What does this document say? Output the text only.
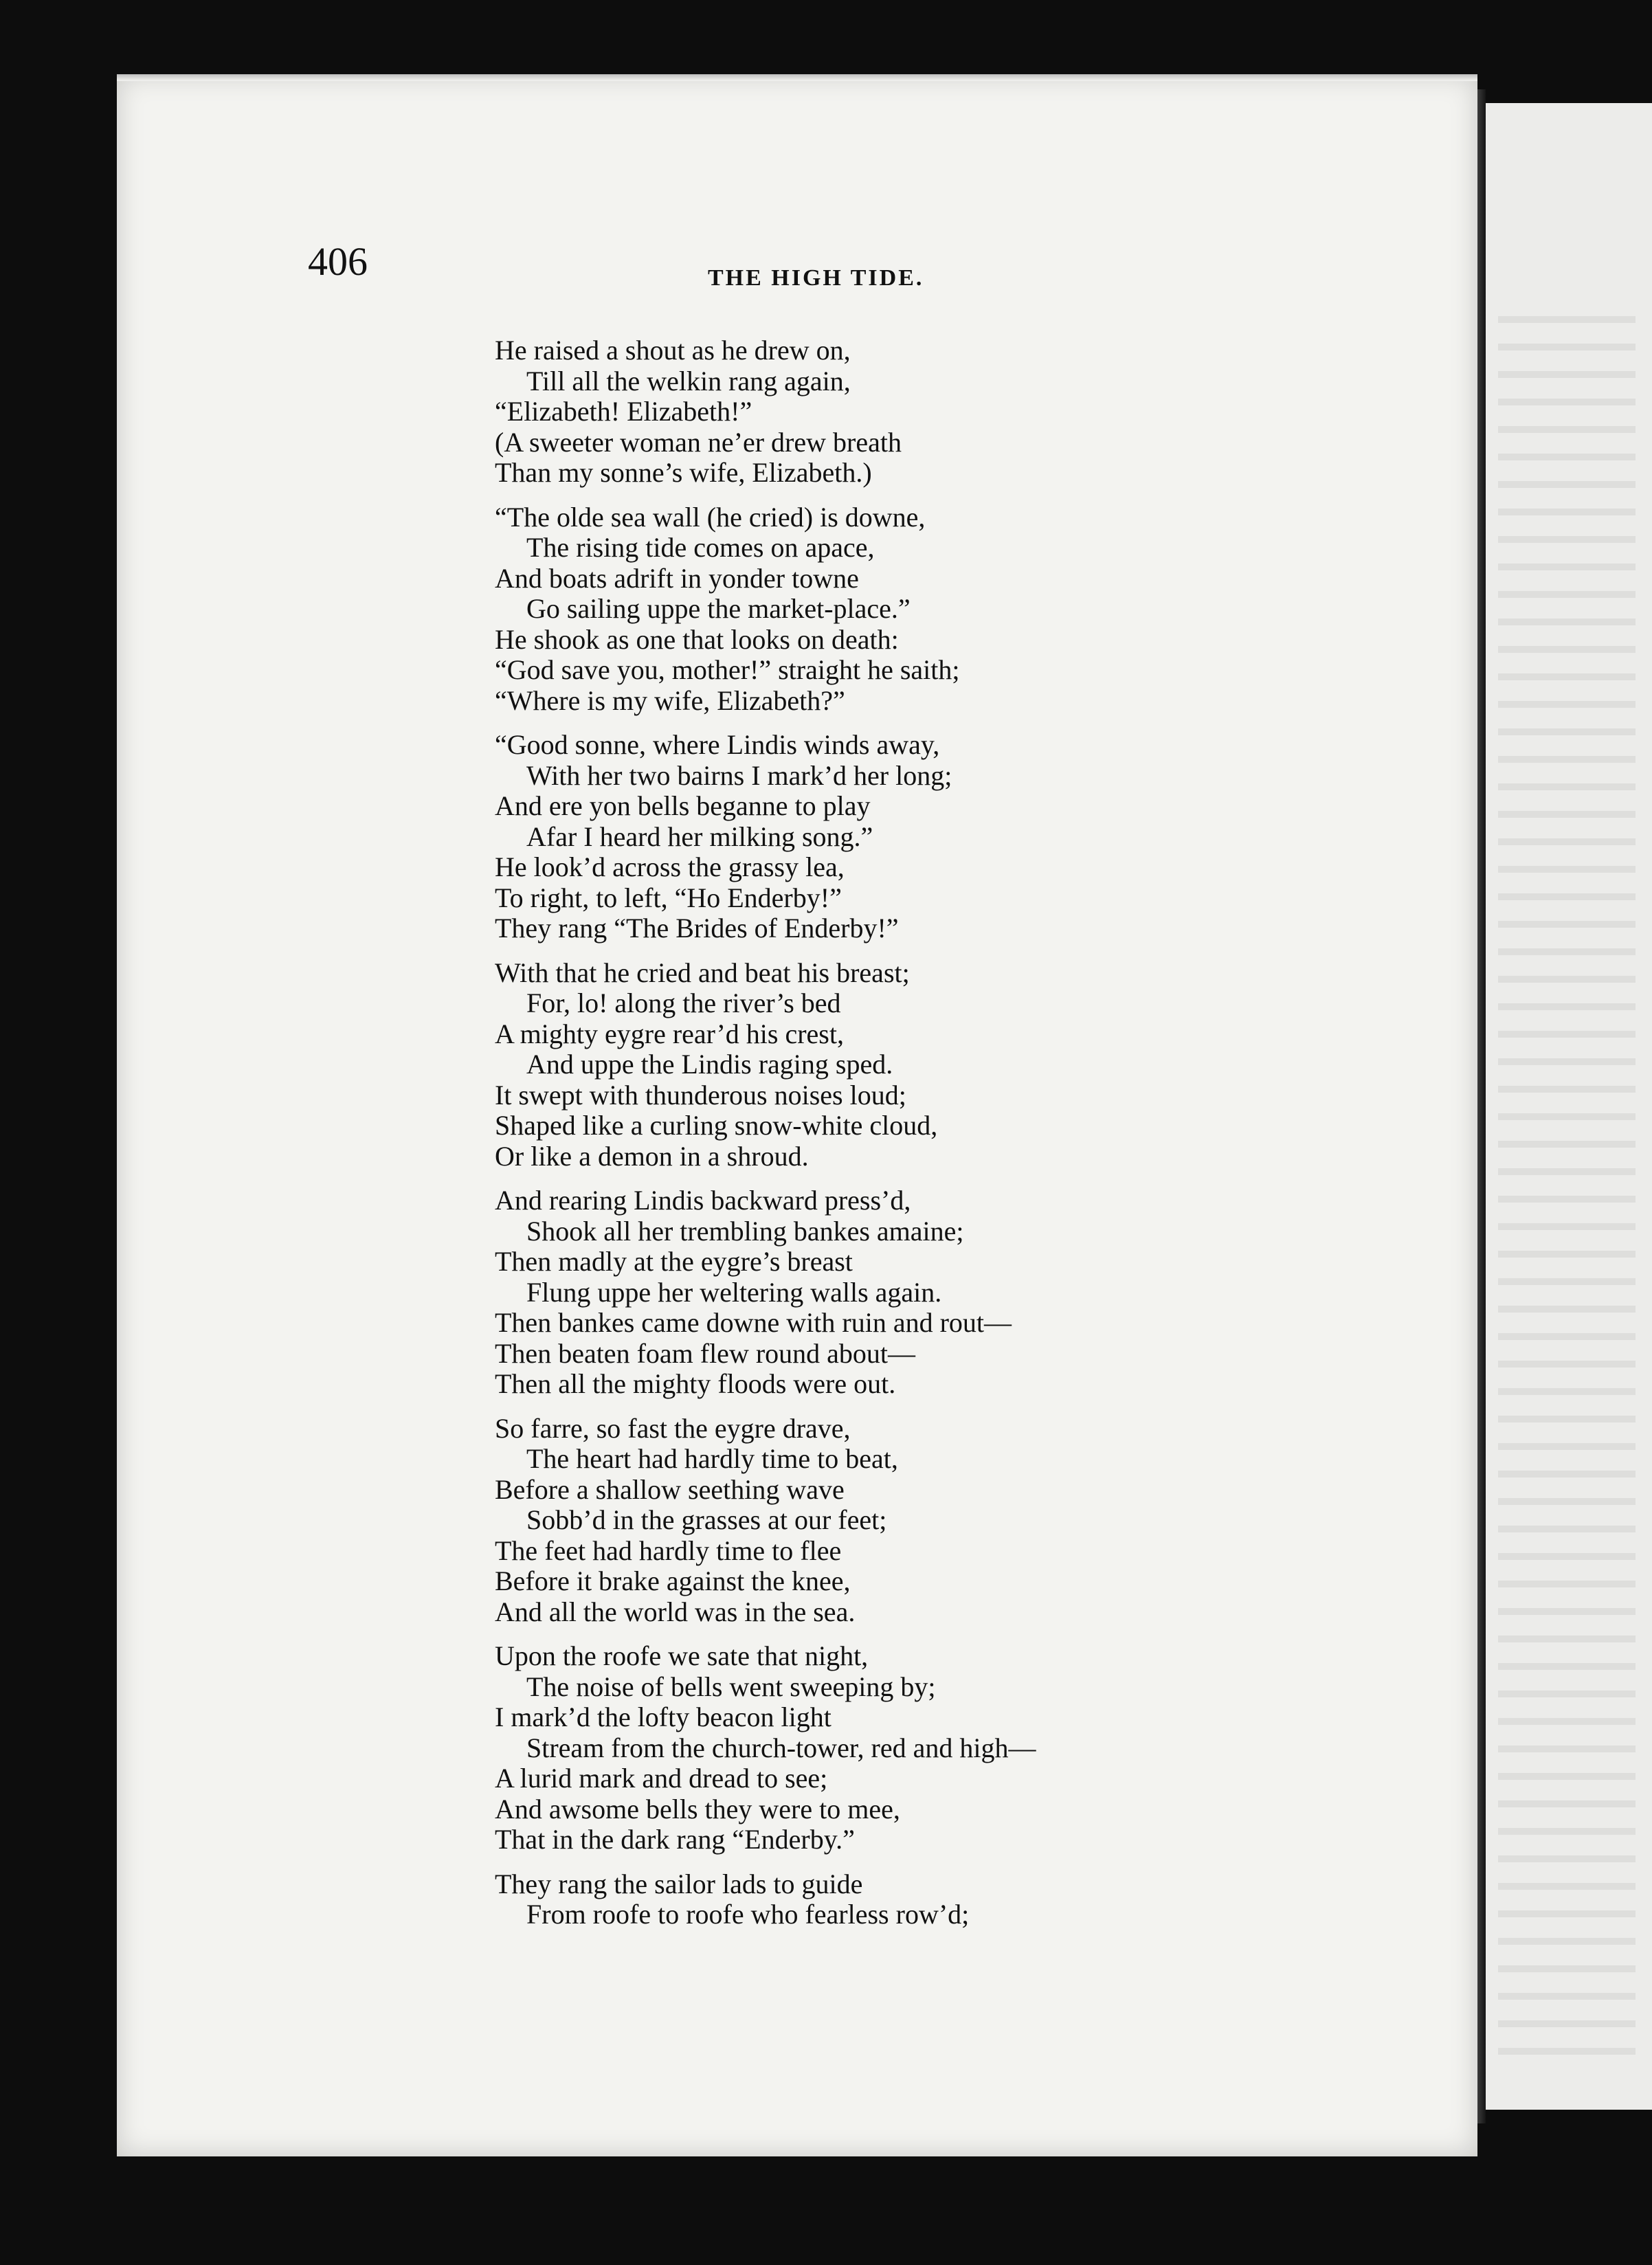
406	THE HIGH TIDE.
He raised a shout as he drew on,
Till all the welkin rang again,
“Elizabeth! Elizabeth!”
(A sweeter woman ne’er drew breath
Than my sonne’s wife, Elizabeth.)
“The olde sea wall (he cried) is downe,
The rising tide comes on apace,
And boats adrift in yonder towne
Go sailing uppe the market-place.”
He shook as one that looks on death:
“God save you, mother!” straight he saith;
“Where is my wife, Elizabeth?”
“Good sonne, where Lindis winds away,
With her two bairns I mark’d her long;
And ere yon bells beganne to play
Afar I heard her milking song.”
He look’d across the grassy lea,
To right, to left, “Ho Enderby!”
They rang “The Brides of Enderby!”
With that he cried and beat his breast;
For, lo! along the river’s bed
A mighty eygre rear’d his crest,
And uppe the Lindis raging sped.
It swept with thunderous noises loud;
Shaped like a curling snow-white cloud,
Or like a demon in a shroud.
And rearing Lindis backward press’d,
Shook all her trembling bankes amaine;
Then madly at the eygre’s breast
Flung uppe her weltering walls again.
Then bankes came downe with ruin and rout—
Then beaten foam flew round about—
Then all the mighty floods were out.
So farre, so fast the eygre drave,
The heart had hardly time to beat,
Before a shallow seething wave
Sobb’d in the grasses at our feet;
The feet had hardly time to flee
Before it brake against the knee,
And all the world was in the sea.
Upon the roofe we sate that night,
The noise of bells went sweeping by;
I mark’d the lofty beacon light
Stream from the church-tower, red and high—
A lurid mark and dread to see;
And awsome bells they were to mee,
That in the dark rang “Enderby.”
They rang the sailor lads to guide
From roofe to roofe who fearless row’d;
